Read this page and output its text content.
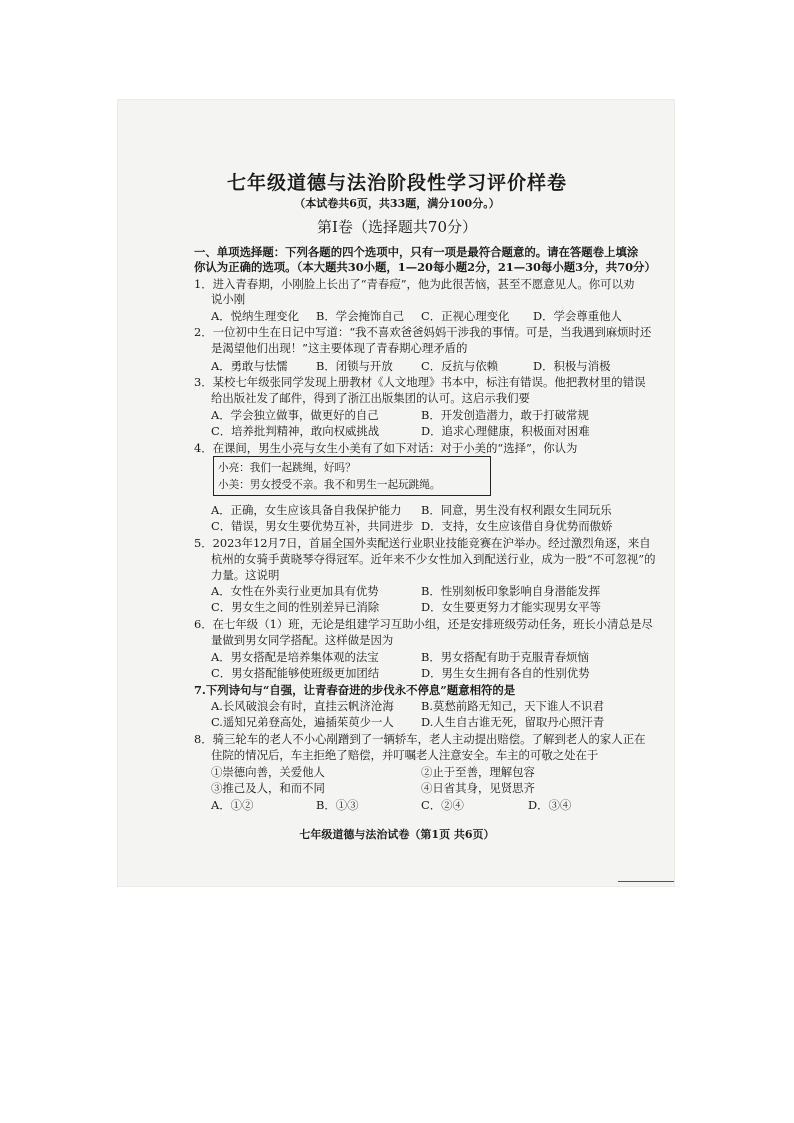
七年级道德与法治阶段性学习评价样卷
（本试卷共6页，共33题，满分100分。）
第Ⅰ卷（选择题共70分）
一、单项选择题：下列各题的四个选项中，只有一项是最符合题意的。请在答题卷上填涂
你认为正确的选项。（本大题共30小题，1—20每小题2分，21—30每小题3分，共70分）
1．进入青春期，小刚脸上长出了“青春痘”，他为此很苦恼，甚至不愿意见人。你可以劝
说小刚
A．悦纳生理变化 B．学会掩饰自己 C．正视心理变化 D．学会尊重他人
2．一位初中生在日记中写道：“我不喜欢爸爸妈妈干涉我的事情。可是，当我遇到麻烦时还
是渴望他们出现！”这主要体现了青春期心理矛盾的
A．勇敢与怯懦 B．闭锁与开放 C．反抗与依赖	D．积极与消极
3．某校七年级张同学发现上册教材《人文地理》书本中，标注有错误。他把教材里的错误
给出版社发了邮件，得到了浙江出版集团的认可。这启示我们要
A．学会独立做事，做更好的自己	B．开发创造潜力，敢于打破常规
C．培养批判精神，敢向权威挑战	D．追求心理健康，积极面对困难
4．在课间，男生小亮与女生小美有了如下对话：对于小美的“选择”，你认为
小亮：我们一起跳绳，好吗？
小美：男女授受不亲。我不和男生一起玩跳绳。
A．正确，女生应该具备自我保护能力 B．同意，男生没有权利跟女生同玩乐
C．错误，男女生要优势互补，共同进步 D．支持，女生应该借自身优势而傲娇
5．2023年12月7日，首届全国外卖配送行业职业技能竞赛在沪举办。经过激烈角逐，来自
杭州的女骑手黄晓琴夺得冠军。近年来不少女性加入到配送行业，成为一股“不可忽视”的
力量。这说明
A．女性在外卖行业更加具有优势	B．性别刻板印象影响自身潜能发挥
C．男女生之间的性别差异已消除	D．女生要更努力才能实现男女平等
6．在七年级（1）班，无论是组建学习互助小组，还是安排班级劳动任务，班长小清总是尽
量做到男女同学搭配。这样做是因为
A．男女搭配是培养集体观的法宝	B．男女搭配有助于克服青春烦恼
C．男女搭配能够使班级更加团结	D．男生女生拥有各自的性别优势
7.下列诗句与“自强，让青春奋进的步伐永不停息”题意相符的是
A.长风破浪会有时，直挂云帆济沧海 B.莫愁前路无知己，天下谁人不识君
C.遥知兄弟登高处，遍插茱萸少一人 D.人生自古谁无死，留取丹心照汗青
8．骑三轮车的老人不小心剐蹭到了一辆轿车，老人主动提出赔偿。了解到老人的家人正在
住院的情况后，车主拒绝了赔偿，并叮嘱老人注意安全。车主的可敬之处在于
①崇德向善，关爱他人	②止于至善，理解包容
③推己及人，和而不同	④日省其身，见贤思齐
A．①②	B．①③	C．②④	D．③④
七年级道德与法治试卷（第1页 共6页）
